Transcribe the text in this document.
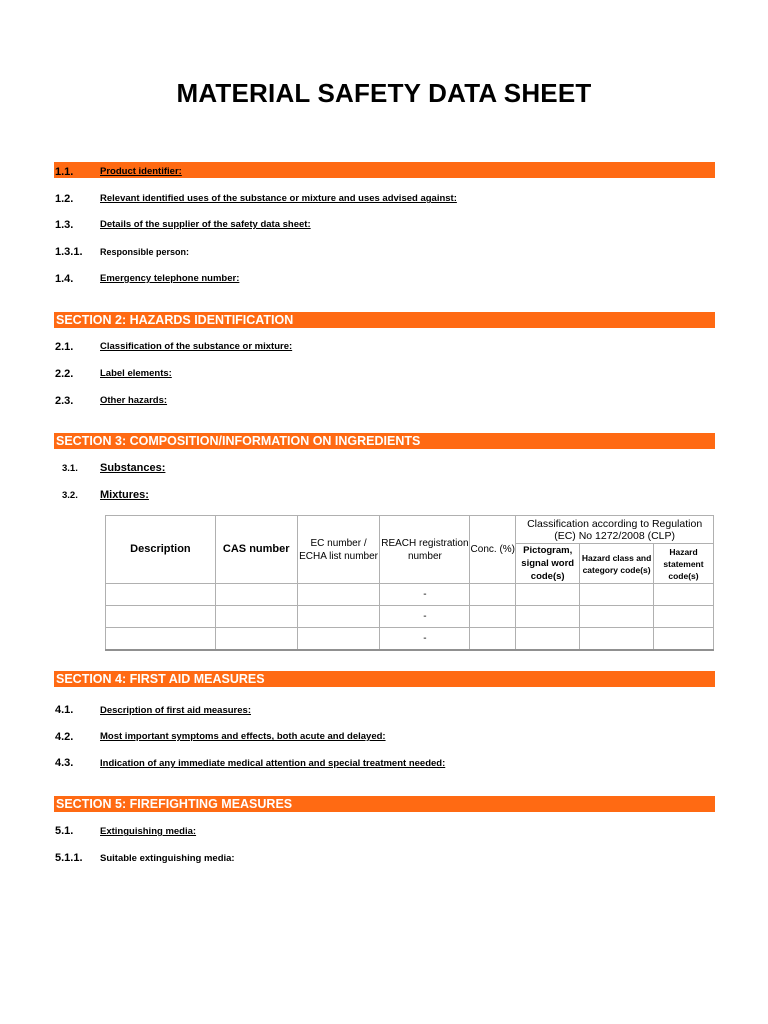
MATERIAL SAFETY DATA SHEET
1.1.	Product identifier:
1.2.	Relevant identified uses of the substance or mixture and uses advised against:
1.3.	Details of the supplier of the safety data sheet:
1.3.1. Responsible person:
1.4.	Emergency telephone number:
SECTION 2: HAZARDS IDENTIFICATION
2.1.	Classification of the substance or mixture:
2.2.	Label elements:
2.3.	Other hazards:
SECTION 3: COMPOSITION/INFORMATION ON INGREDIENTS
3.1. Substances:
3.2. Mixtures:
Description	CAS number	EC number / ECHA list number	REACH registration number	Conc. (%)	Classification according to Regulation (EC) No 1272/2008 (CLP)		
					Pictogram, signal word code(s)	Hazard class and category code(s)	Hazard statement code(s)
			-				
			-				
			-				
SECTION 4: FIRST AID MEASURES
4.1.	Description of first aid measures:
4.2.	Most important symptoms and effects, both acute and delayed:
4.3.	Indication of any immediate medical attention and special treatment needed:
SECTION 5: FIREFIGHTING MEASURES
5.1.	Extinguishing media:
5.1.1. Suitable extinguishing media:
